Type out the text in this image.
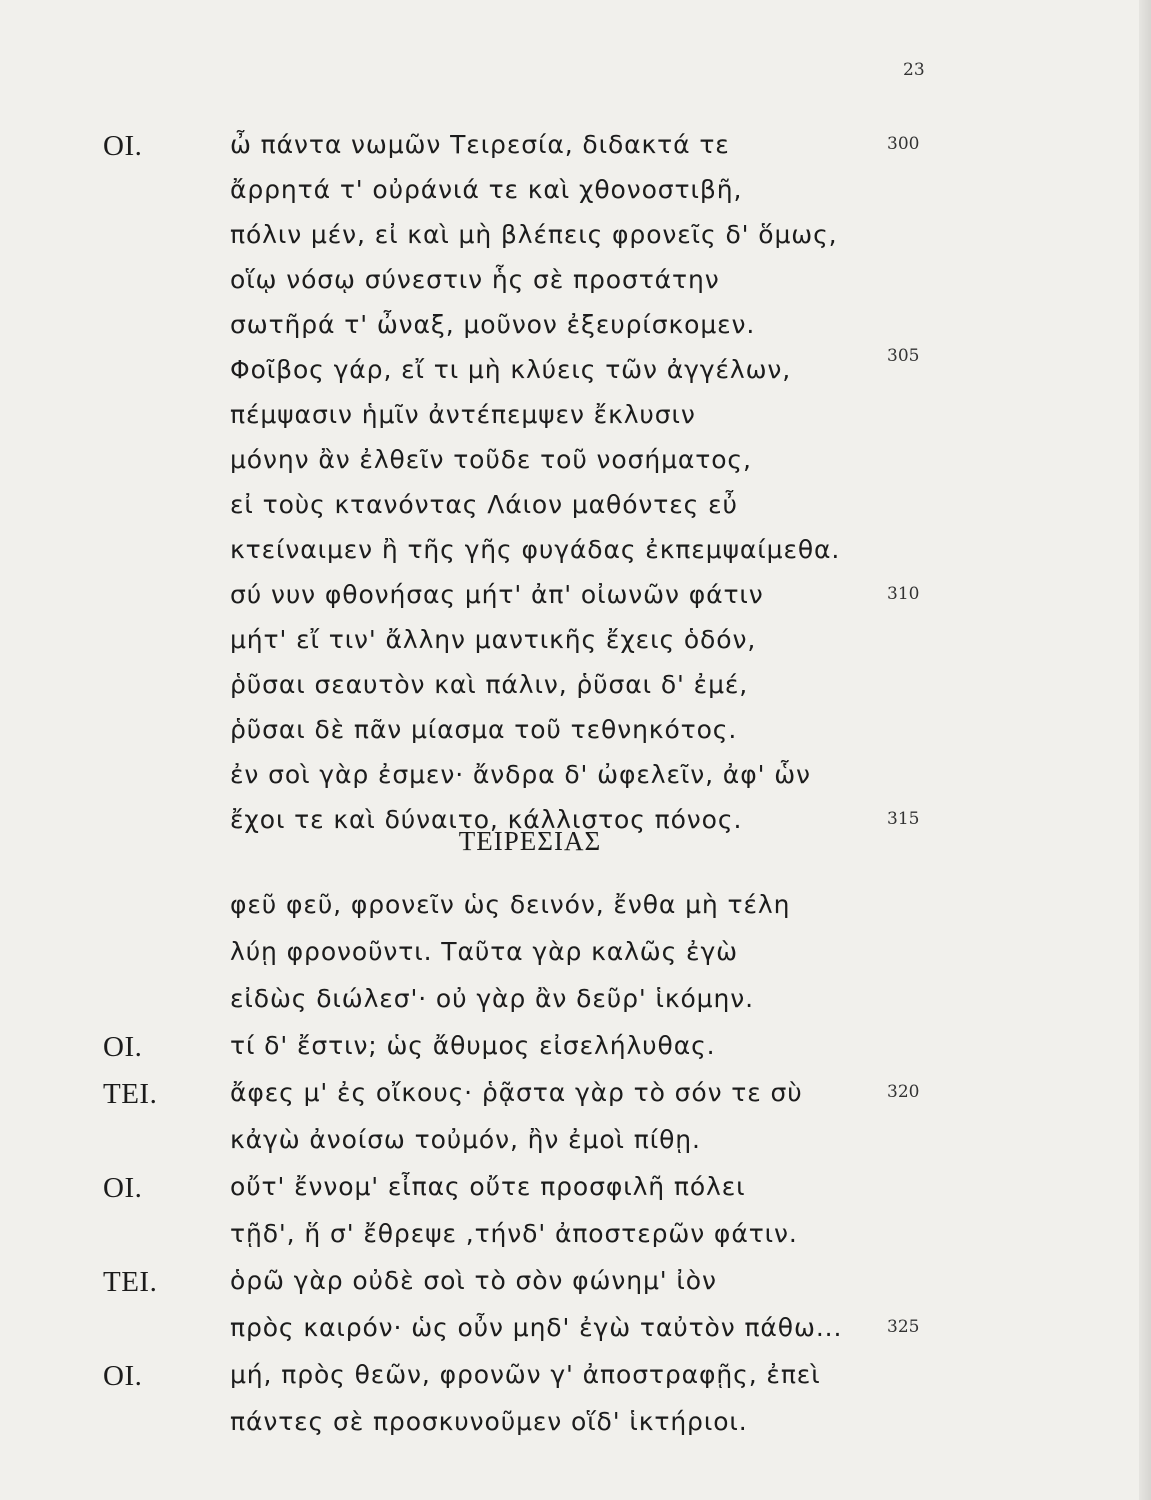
23
OI.	ὦ πάντα νωμῶν Τειρεσία, διδακτά τε	300
ἄρρητά τ' οὐράνιά τε καὶ χθονοστιβῆ,
πόλιν μέν, εἰ καὶ μὴ βλέπεις φρονεῖς δ' ὅμως,
οἵῳ νόσῳ σύνεστιν ἧς σὲ προστάτην
σωτῆρά τ' ὦναξ, μοῦνον ἐξευρίσκομεν.
Φοῖβος γάρ, εἴ τι μὴ κλύεις τῶν ἀγγέλων,	305
πέμψασιν ἡμῖν ἀντέπεμψεν ἔκλυσιν
μόνην ἂν ἐλθεῖν τοῦδε τοῦ νοσήματος,
εἰ τοὺς κτανόντας Λάιον μαθόντες εὖ
κτείναιμεν ἢ τῆς γῆς φυγάδας ἐκπεμψαίμεθα.
σύ νυν φθονήσας μήτ' ἀπ' οἰωνῶν φάτιν	310
μήτ' εἴ τιν' ἄλλην μαντικῆς ἔχεις ὁδόν,
ῥῦσαι σεαυτὸν καὶ πάλιν, ῥῦσαι δ' ἐμέ,
ῥῦσαι δὲ πᾶν μίασμα τοῦ τεθνηκότος.
ἐν σοὶ γὰρ ἐσμεν· ἄνδρα δ' ὠφελεῖν, ἀφ' ὧν
ἔχοι τε καὶ δύναιτο, κάλλιστος πόνος.	315
ΤΕΙΡΕΣΙΑΣ
φεῦ φεῦ, φρονεῖν ὡς δεινόν, ἔνθα μὴ τέλη
λύῃ φρονοῦντι. Ταῦτα γὰρ καλῶς ἐγὼ
εἰδὼς διώλεσ'· οὐ γὰρ ἂν δεῦρ' ἱκόμην.
OI.	τί δ' ἔστιν; ὡς ἄθυμος εἰσελήλυθας.
TEI.	ἄφες μ' ἐς οἴκους· ῥᾷστα γὰρ τὸ σόν τε σὺ	320
κἀγὼ ἀνοίσω τοὐμόν, ἢν ἐμοὶ πίθῃ.
OI.	οὔτ' ἔννομ' εἶπας οὔτε προσφιλῆ πόλει
τῇδ', ἥ σ' ἔθρεψε ,τήνδ' ἀποστερῶν φάτιν.
TEI.	ὁρῶ γὰρ οὐδὲ σοὶ τὸ σὸν φώνημ' ἰὸν
πρὸς καιρόν· ὡς οὖν μηδ' ἐγὼ ταὐτὸν πάθω...	325
OI.	μή, πρὸς θεῶν, φρονῶν γ' ἀποστραφῇς, ἐπεὶ
πάντες σὲ προσκυνοῦμεν οἵδ' ἱκτήριοι.
